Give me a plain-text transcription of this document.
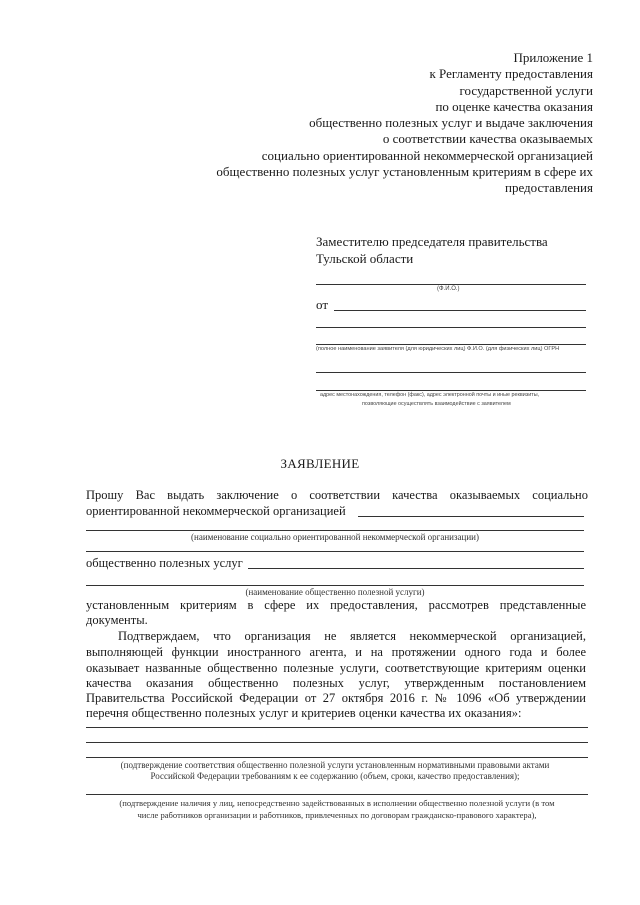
Приложение 1
к Регламенту предоставления
государственной услуги
по оценке качества оказания
общественно полезных услуг и выдаче заключения
о соответствии качества оказываемых
социально ориентированной некоммерческой организацией
общественно полезных услуг установленным критериям в сфере их
предоставления
Заместителю председателя правительства
Тульской области
(Ф.И.О.)
от
(полное наименование заявителя (для юридических лиц) Ф.И.О. (для физических лиц) ОГРН
адрес местонахождения, телефон (факс), адрес электронной почты и иные реквизиты,
позволяющие осуществлять взаимодействие с заявителем
ЗАЯВЛЕНИЕ
Прошу Вас выдать заключение о соответствии качества оказываемых социально
ориентированной некоммерческой организацией
(наименование социально ориентированной некоммерческой организации)
общественно полезных услуг
(наименование общественно полезной услуги)
установленным критериям в сфере их предоставления, рассмотрев представленные
документы.
Подтверждаем, что организация не является некоммерческой организацией,
выполняющей функции иностранного агента, и на протяжении одного года и более
оказывает названные общественно полезные услуги, соответствующие критериям оценки
качества оказания общественно полезных услуг, утвержденным постановлением
Правительства Российской Федерации от 27 октября 2016 г. № 1096 «Об утверждении
перечня общественно полезных услуг и критериев оценки качества их оказания»:
(подтверждение соответствия общественно полезной услуги установленным нормативными правовыми актами
Российской Федерации требованиям к ее содержанию (объем, сроки, качество предоставления);
(подтверждение наличия у лиц, непосредственно задействованных в исполнении общественно полезной услуги (в том
числе работников организации и работников, привлеченных по договорам гражданско-правового характера),
